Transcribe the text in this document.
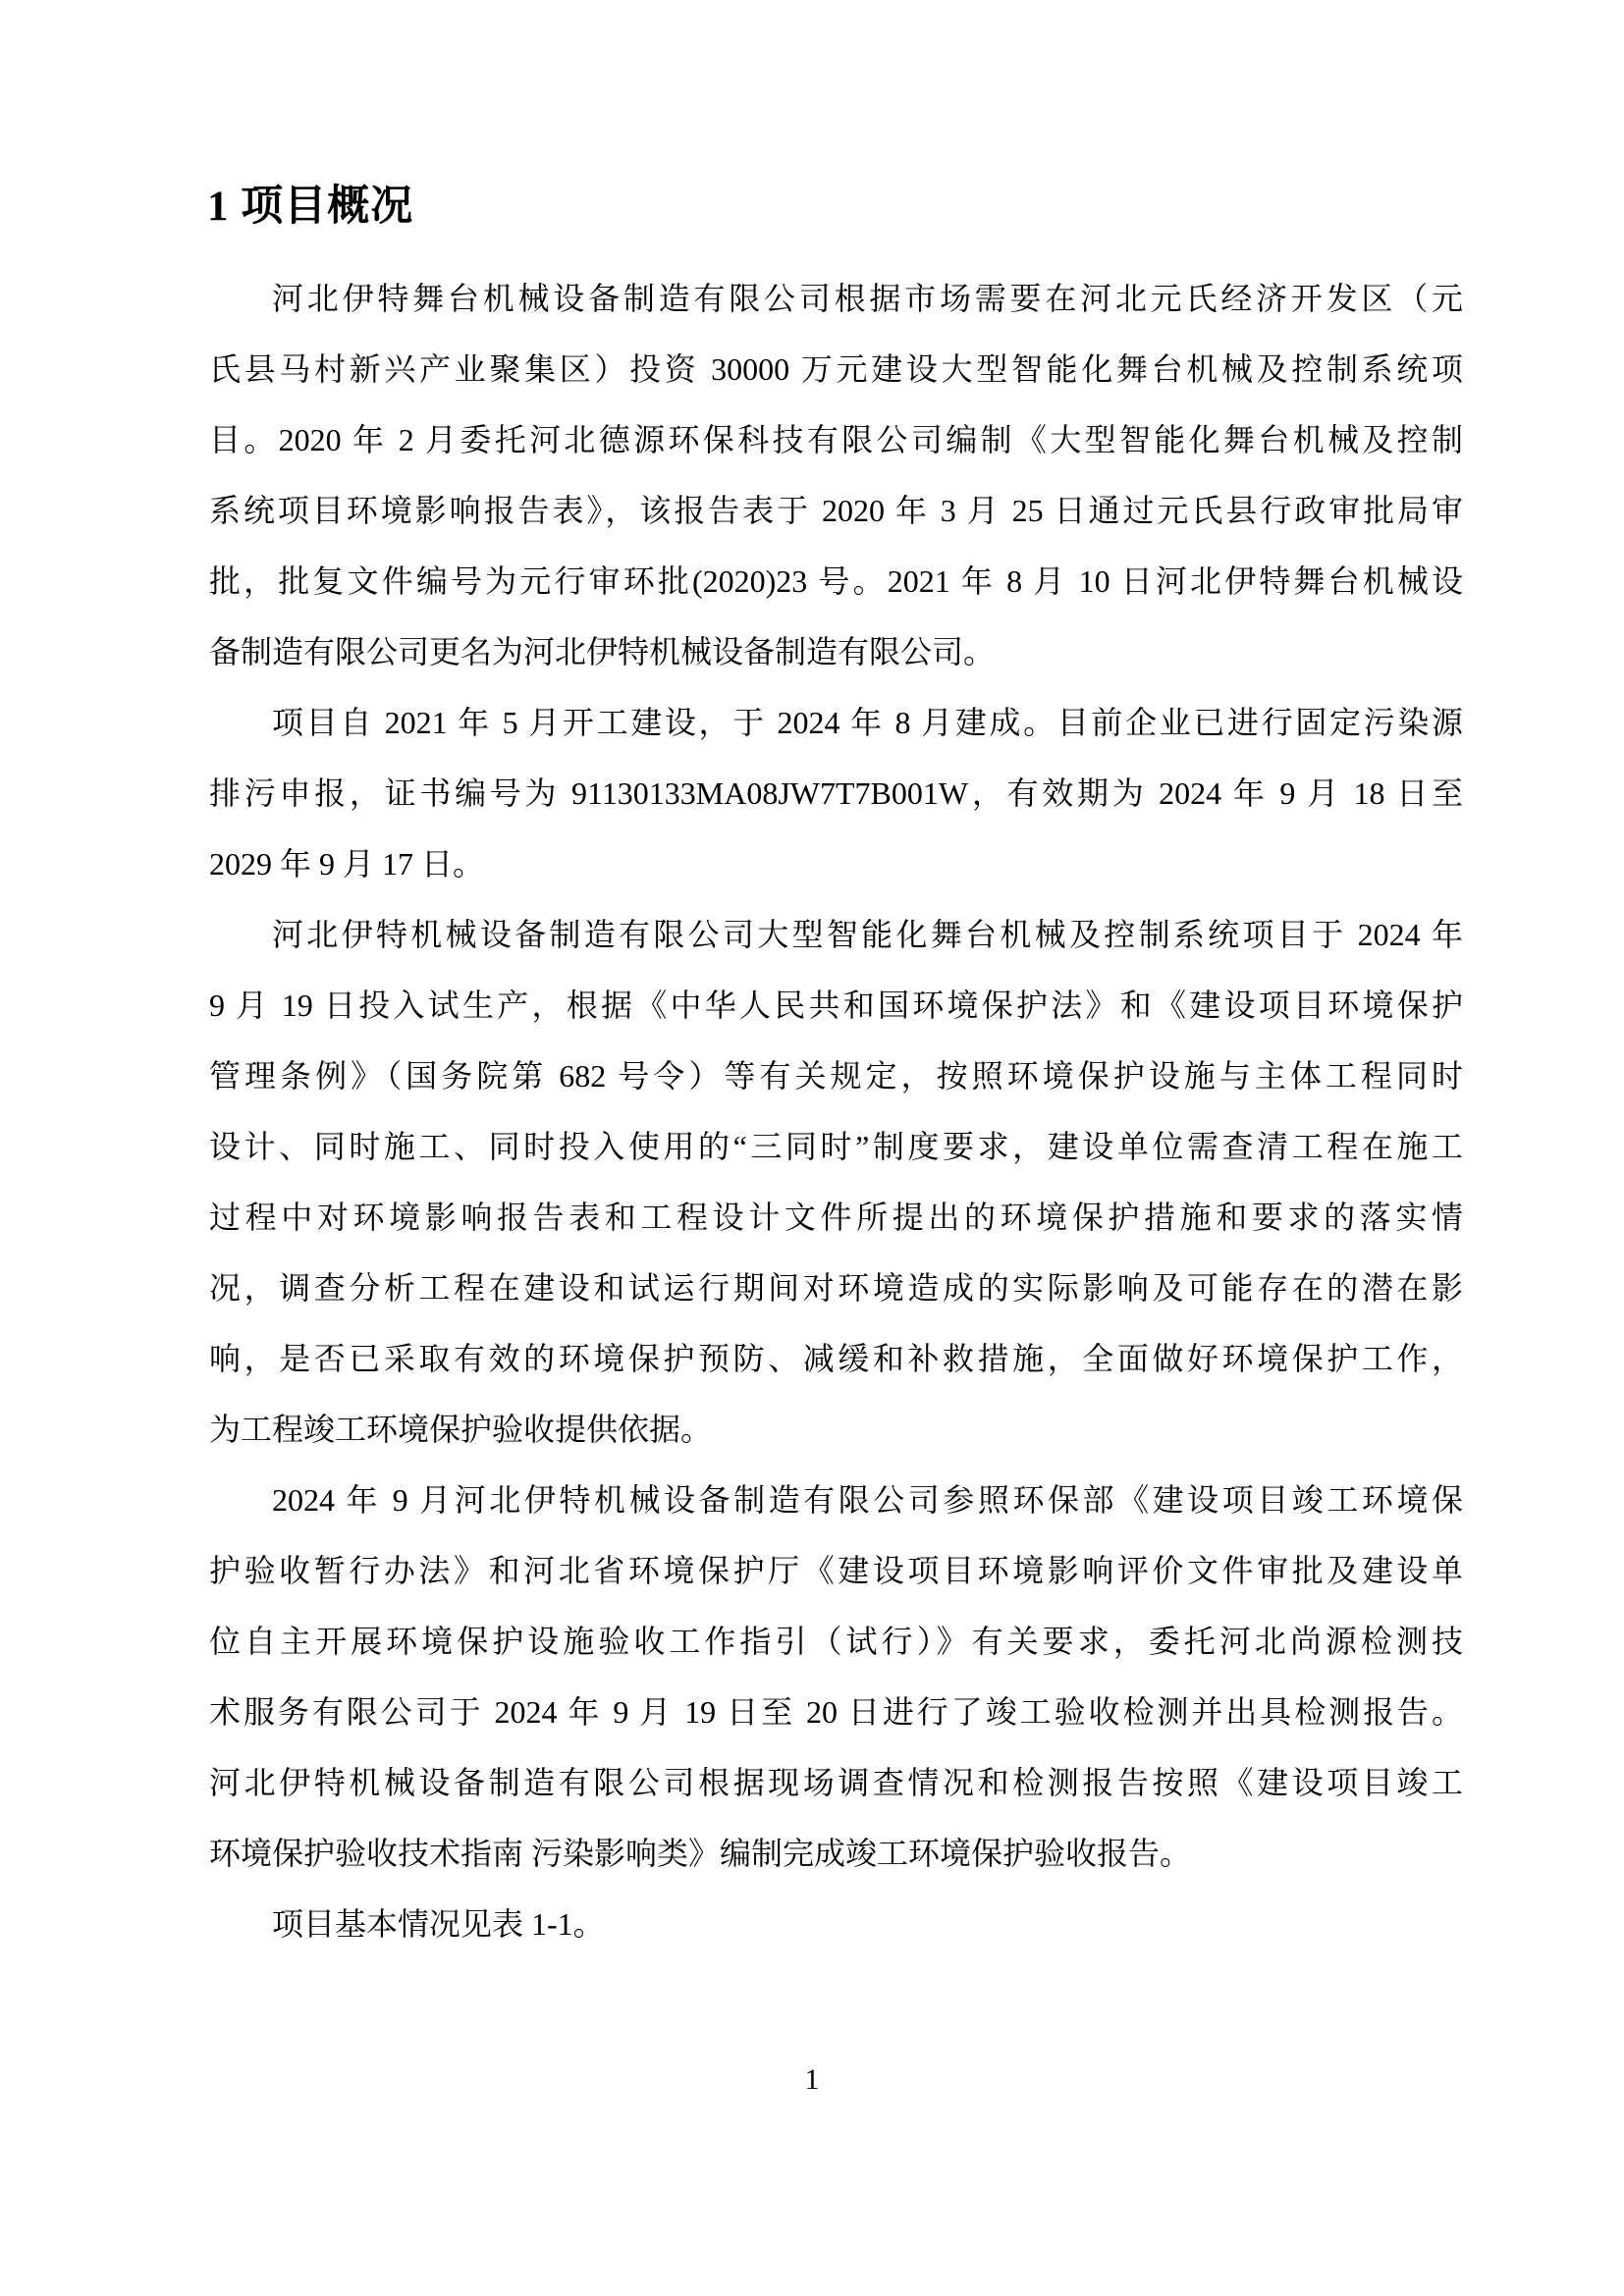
1 项目概况
河北伊特舞台机械设备制造有限公司根据市场需要在河北元氏经济开发区（元
氏县马村新兴产业聚集区）投资 30000 万元建设大型智能化舞台机械及控制系统项
目。2020 年 2 月委托河北德源环保科技有限公司编制《大型智能化舞台机械及控制
系统项目环境影响报告表》，该报告表于 2020 年 3 月 25 日通过元氏县行政审批局审
批，批复文件编号为元行审环批(2020)23 号。2021 年 8 月 10 日河北伊特舞台机械设
备制造有限公司更名为河北伊特机械设备制造有限公司。
项目自 2021 年 5 月开工建设，于 2024 年 8 月建成。目前企业已进行固定污染源
排污申报，证书编号为 91130133MA08JW7T7B001W，有效期为 2024 年 9 月 18 日至
2029 年 9 月 17 日。
河北伊特机械设备制造有限公司大型智能化舞台机械及控制系统项目于 2024 年
9 月 19 日投入试生产，根据《中华人民共和国环境保护法》和《建设项目环境保护
管理条例》（国务院第 682 号令）等有关规定，按照环境保护设施与主体工程同时
设计、同时施工、同时投入使用的“三同时”制度要求，建设单位需查清工程在施工
过程中对环境影响报告表和工程设计文件所提出的环境保护措施和要求的落实情
况，调查分析工程在建设和试运行期间对环境造成的实际影响及可能存在的潜在影
响，是否已采取有效的环境保护预防、减缓和补救措施，全面做好环境保护工作，
为工程竣工环境保护验收提供依据。
2024 年 9 月河北伊特机械设备制造有限公司参照环保部《建设项目竣工环境保
护验收暂行办法》和河北省环境保护厅《建设项目环境影响评价文件审批及建设单
位自主开展环境保护设施验收工作指引（试行）》有关要求，委托河北尚源检测技
术服务有限公司于 2024 年 9 月 19 日至 20 日进行了竣工验收检测并出具检测报告。
河北伊特机械设备制造有限公司根据现场调查情况和检测报告按照《建设项目竣工
环境保护验收技术指南 污染影响类》编制完成竣工环境保护验收报告。
项目基本情况见表 1-1。
1
